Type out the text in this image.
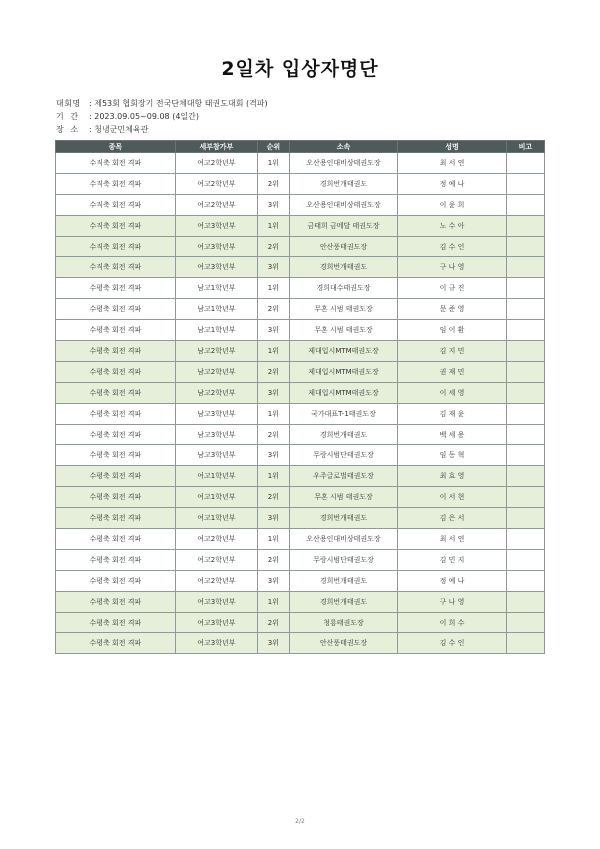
2일차 입상자명단
대회명	: 제53회 협회장기 전국단체대항 태권도대회 (격파)
기  간	: 2023.09.05~09.08 (4일간)
장  소	: 청냉군민체육관
종목	세부참가부	순위	소속	성명	비고
수직축 회전 격파	여고2학년부	1위	오산용인대비상태권도장	최 서 연	
수직축 회전 격파	여고2학년부	2위	경희번개태권도	정 예 나	
수직축 회전 격파	여고2학년부	3위	오산용인대비상태권도장	이 윤 희	
수직축 회전 격파	여고3학년부	1위	금태희 금메달 태권도장	노 수 아	
수직축 회전 격파	여고3학년부	2위	안산풍태권도장	김 수 인	
수직축 회전 격파	여고3학년부	3위	경희번개태권도	구 나 영	
수평축 회전 격파	남고1학년부	1위	경희대수태권도장	이 규 진	
수평축 회전 격파	남고1학년부	2위	무혼 시범 태권도장	문 준 영	
수평축 회전 격파	남고1학년부	3위	무혼 시범 태권도장	임 이 환	
수평축 회전 격파	남고2학년부	1위	제대입시MTM태권도장	김 지 민	
수평축 회전 격파	남고2학년부	2위	제대입시MTM태권도장	권 재 민	
수평축 회전 격파	남고2학년부	3위	제대입시MTM태권도장	이 세 영	
수평축 회전 격파	남고3학년부	1위	국가대표T-1태권도장	김 재 윤	
수평축 회전 격파	남고3학년부	2위	경희번개태권도	백 세 용	
수평축 회전 격파	남고3학년부	3위	무랑시범단태권도장	임 동 혁	
수평축 회전 격파	여고1학년부	1위	우주글로벌태권도장	최 효 영	
수평축 회전 격파	여고1학년부	2위	무혼 시범 태권도장	이 서 현	
수평축 회전 격파	여고1학년부	3위	경희번개태권도	김 은 서	
수평축 회전 격파	여고2학년부	1위	오산용인대비상태권도장	최 서 연	
수평축 회전 격파	여고2학년부	2위	무랑시범단태권도장	김 민 지	
수평축 회전 격파	여고2학년부	3위	경희번개태권도	정 예 나	
수평축 회전 격파	여고3학년부	1위	경희번개태권도	구 나 영	
수평축 회전 격파	여고3학년부	2위	청룡태권도장	이 희 수	
수평축 회전 격파	여고3학년부	3위	안산풍태권도장	김 수 인	
2/2
